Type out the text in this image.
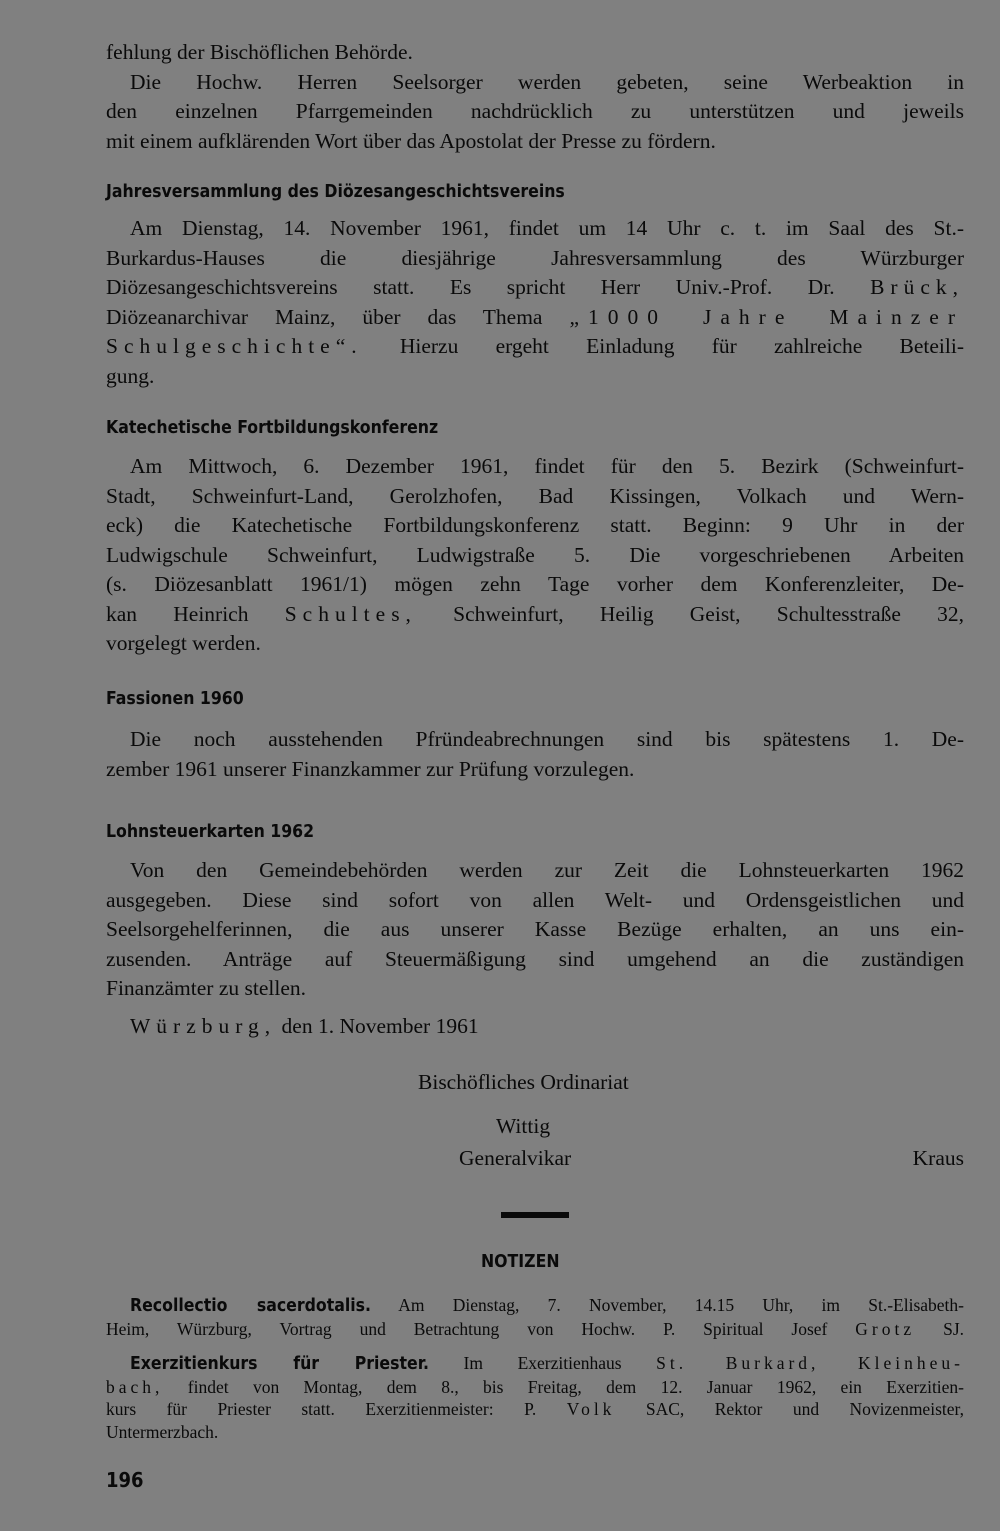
fehlung der Bischöflichen Behörde.

Die Hochw. Herren Seelsorger werden gebeten, seine Werbeaktion in

den einzelnen Pfarrgemeinden nachdrücklich zu unterstützen und jeweils

mit einem aufklärenden Wort über das Apostolat der Presse zu fördern.

Jahresversammlung des Diözesangeschichtsvereins

Am Dienstag, 14. November 1961, findet um 14 Uhr c. t. im Saal des St.-

Burkardus-Hauses die diesjährige Jahresversammlung des Würzburger

Diözesangeschichtsvereins statt. Es spricht Herr Univ.-Prof. Dr. Brück,

Diözeanarchivar Mainz, über das Thema „1000 Jahre Mainzer

Schulgeschichte“. Hierzu ergeht Einladung für zahlreiche Beteili-

gung.

Katechetische Fortbildungskonferenz

Am Mittwoch, 6. Dezember 1961, findet für den 5. Bezirk (Schweinfurt-

Stadt, Schweinfurt-Land, Gerolzhofen, Bad Kissingen, Volkach und Wern-

eck) die Katechetische Fortbildungskonferenz statt. Beginn: 9 Uhr in der

Ludwigschule Schweinfurt, Ludwigstraße 5. Die vorgeschriebenen Arbeiten

(s. Diözesanblatt 1961/1) mögen zehn Tage vorher dem Konferenzleiter, De-

kan Heinrich Schultes, Schweinfurt, Heilig Geist, Schultesstraße 32,

vorgelegt werden.

Fassionen 1960

Die noch ausstehenden Pfründeabrechnungen sind bis spätestens 1. De-

zember 1961 unserer Finanzkammer zur Prüfung vorzulegen.

Lohnsteuerkarten 1962

Von den Gemeindebehörden werden zur Zeit die Lohnsteuerkarten 1962

ausgegeben. Diese sind sofort von allen Welt- und Ordensgeistlichen und

Seelsorgehelferinnen, die aus unserer Kasse Bezüge erhalten, an uns ein-

zusenden. Anträge auf Steuermäßigung sind umgehend an die zuständigen

Finanzämter zu stellen.

Würzburg, den 1. November 1961
Bischöfliches Ordinariat
Wittig
Generalvikar	Kraus
NOTIZEN

Recollectio sacerdotalis. Am Dienstag, 7. November, 14.15 Uhr, im St.-Elisabeth-

Heim, Würzburg, Vortrag und Betrachtung von Hochw. P. Spiritual Josef Grotz SJ.

Exerzitienkurs für Priester. Im Exerzitienhaus St. Burkard, Kleinheu-

bach, findet von Montag, dem 8., bis Freitag, dem 12. Januar 1962, ein Exerzitien-

kurs für Priester statt. Exerzitienmeister: P. Volk SAC, Rektor und Novizenmeister,

Untermerzbach.

196
